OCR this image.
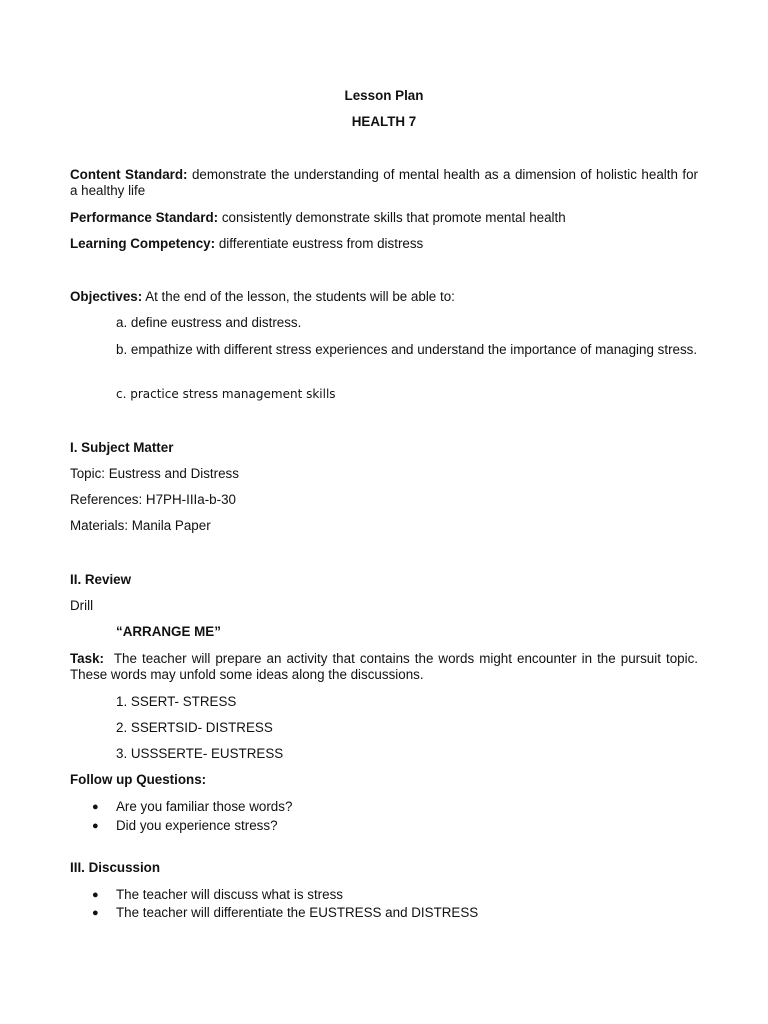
Lesson Plan
HEALTH 7
Content Standard: demonstrate the understanding of mental health as a dimension of holistic health for a healthy life
Performance Standard: consistently demonstrate skills that promote mental health
Learning Competency: differentiate eustress from distress
Objectives: At the end of the lesson, the students will be able to:
a. define eustress and distress.
b. empathize with different stress experiences and understand the importance of managing stress.
c. practice stress management skills
I. Subject Matter
Topic: Eustress and Distress
References: H7PH-IIIa-b-30
Materials: Manila Paper
II. Review
Drill
“ARRANGE ME”
Task: The teacher will prepare an activity that contains the words might encounter in the pursuit topic. These words may unfold some ideas along the discussions.
1. SSERT- STRESS
2. SSERTSID- DISTRESS
3. USSSERTE- EUSTRESS
Follow up Questions:
● Are you familiar those words?
● Did you experience stress?
III. Discussion
● The teacher will discuss what is stress
● The teacher will differentiate the EUSTRESS and DISTRESS
